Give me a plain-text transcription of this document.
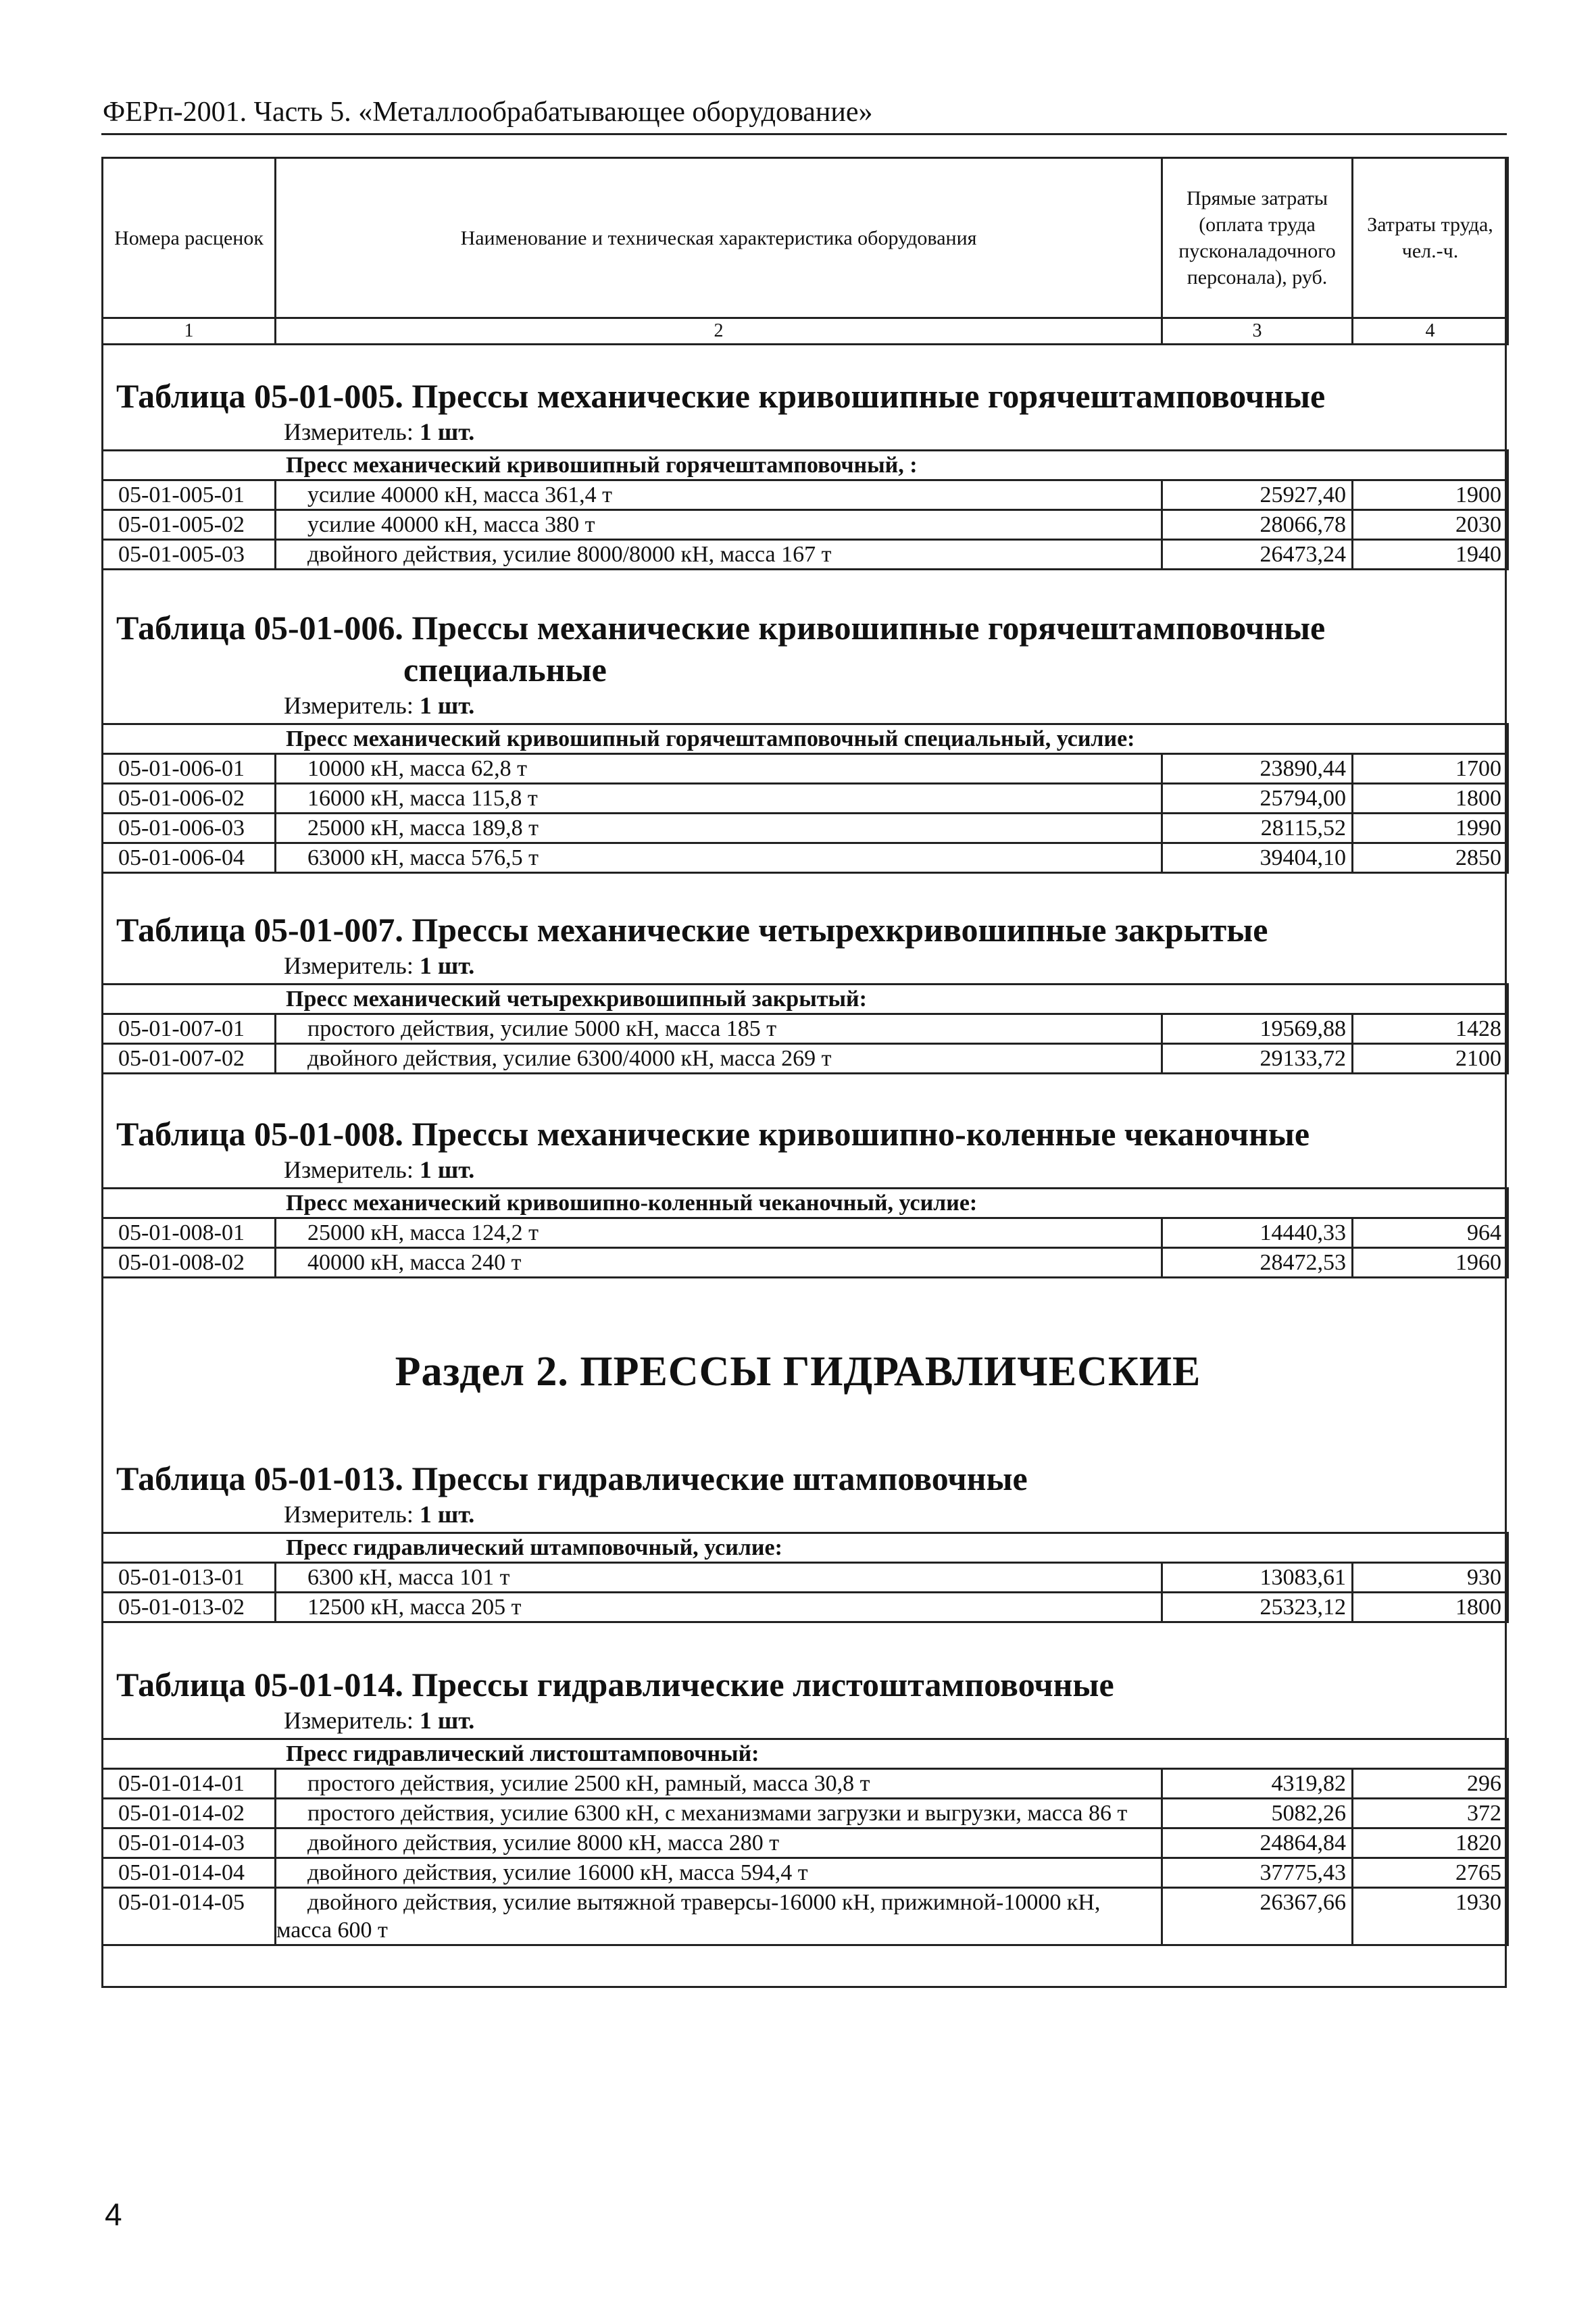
ФЕРп-2001. Часть 5. «Металлообрабатывающее оборудование»
Номера расценок	Наименование и техническая характеристика оборудования	Прямые затраты (оплата труда пусконаладочного персонала), руб.	Затраты труда, чел.-ч.
1	2	3	4
Таблица 05-01-005. Прессы механические кривошипные горячештамповочные
Измеритель: 1 шт.
Пресс механический кривошипный горячештамповочный, :			
05-01-005-01	усилие 40000 кН, масса 361,4 т	25927,40	1900
05-01-005-02	усилие 40000 кН, масса 380 т	28066,78	2030
05-01-005-03	двойного действия, усилие 8000/8000 кН, масса 167 т	26473,24	1940
Таблица 05-01-006. Прессы механические кривошипные горячештамповочные
специальные
Измеритель: 1 шт.
Пресс механический кривошипный горячештамповочный специальный, усилие:			
05-01-006-01	10000 кН, масса 62,8 т	23890,44	1700
05-01-006-02	16000 кН, масса 115,8 т	25794,00	1800
05-01-006-03	25000 кН, масса 189,8 т	28115,52	1990
05-01-006-04	63000 кН, масса 576,5 т	39404,10	2850
Таблица 05-01-007. Прессы механические четырехкривошипные закрытые
Измеритель: 1 шт.
Пресс механический четырехкривошипный закрытый:			
05-01-007-01	простого действия, усилие 5000 кН, масса 185 т	19569,88	1428
05-01-007-02	двойного действия, усилие 6300/4000 кН, масса 269 т	29133,72	2100
Таблица 05-01-008. Прессы механические кривошипно-коленные чеканочные
Измеритель: 1 шт.
Пресс механический кривошипно-коленный чеканочный, усилие:			
05-01-008-01	25000 кН, масса 124,2 т	14440,33	964
05-01-008-02	40000 кН, масса 240 т	28472,53	1960
Раздел 2. ПРЕССЫ ГИДРАВЛИЧЕСКИЕ
Таблица 05-01-013. Прессы гидравлические штамповочные
Измеритель: 1 шт.
Пресс гидравлический штамповочный, усилие:			
05-01-013-01	6300 кН, масса 101 т	13083,61	930
05-01-013-02	12500 кН, масса 205 т	25323,12	1800
Таблица 05-01-014. Прессы гидравлические листоштамповочные
Измеритель: 1 шт.
Пресс гидравлический листоштамповочный:			
05-01-014-01	простого действия, усилие 2500 кН, рамный, масса 30,8 т	4319,82	296
05-01-014-02	простого действия, усилие 6300 кН, с механизмами загрузки и выгрузки, масса 86 т	5082,26	372
05-01-014-03	двойного действия, усилие 8000 кН, масса 280 т	24864,84	1820
05-01-014-04	двойного действия, усилие 16000 кН, масса 594,4 т	37775,43	2765
05-01-014-05	двойного действия, усилие вытяжной траверсы-16000 кН, прижимной-10000 кН, масса 600 т	26367,66	1930
4
